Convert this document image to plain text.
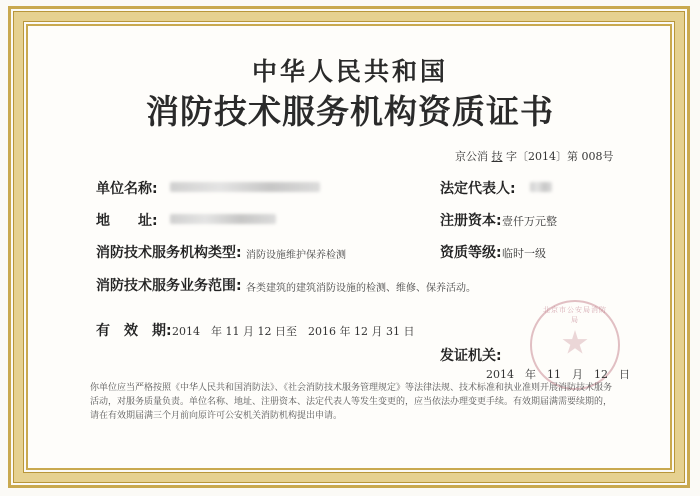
中华人民共和国
消防技术服务机构资质证书
京公消 技 字〔2014〕第 008号
单位名称:	法定代表人:
地　　址:	注册资本: 壹仟万元整
消防技术服务机构类型: 消防设施维护保养检测	资质等级: 临时一级
消防技术服务业务范围: 各类建筑的建筑消防设施的检测、维修、保养活动。
有　效　期: 2014　年 11 月 12 日至　2016 年 12 月 31 日
北京市公安局消防局
发证机关:
2014　年　11　月　12　日
你单位应当严格按照《中华人民共和国消防法》、《社会消防技术服务管理规定》等法律法规、技术标准和执业准则开展消防技术服务活动，对服务质量负责。单位名称、地址、注册资本、法定代表人等发生变更的，应当依法办理变更手续。有效期届满需要续期的，请在有效期届满三个月前向原许可公安机关消防机构提出申请。
